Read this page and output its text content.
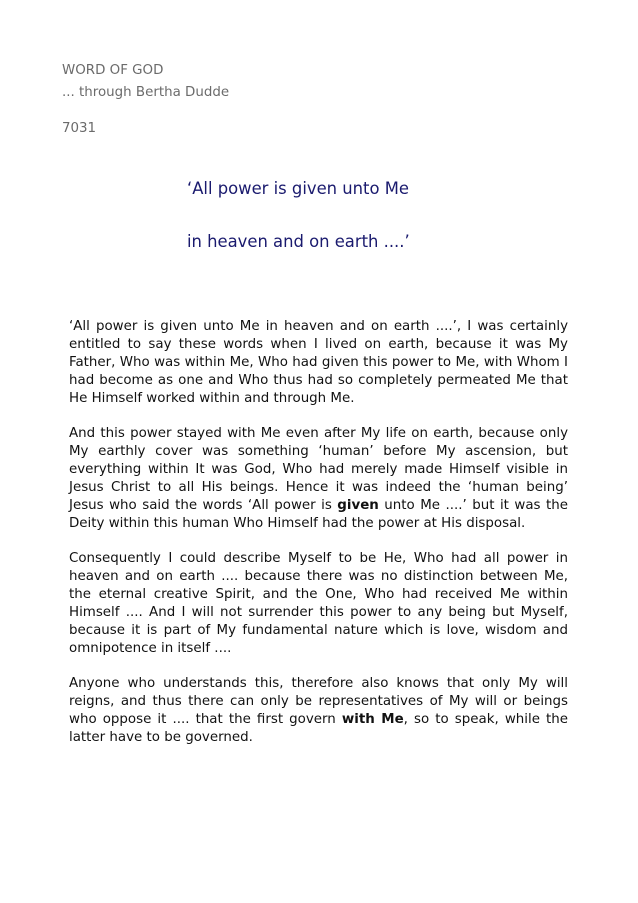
WORD OF GOD
... through Bertha Dudde
7031
‘All power is given unto Me
in heaven and on earth ....’

‘All power is given unto Me in heaven and on earth ....’, I was certainly entitled to say these words when I lived on earth, because it was My Father, Who was within Me, Who had given this power to Me, with Whom I had become as one and Who thus had so completely permeated Me that He Himself worked within and through Me.

And this power stayed with Me even after My life on earth, because only My earthly cover was something ‘human’ before My ascension, but everything within It was God, Who had merely made Himself visible in Jesus Christ to all His beings. Hence it was indeed the ‘human being’ Jesus who said the words ‘All power is given unto Me ....’ but it was the Deity within this human Who Himself had the power at His disposal.

Consequently I could describe Myself to be He, Who had all power in heaven and on earth .... because there was no distinction between Me, the eternal creative Spirit, and the One, Who had received Me within Himself .... And I will not surrender this power to any being but Myself, because it is part of My fundamental nature which is love, wisdom and omnipotence in itself ....

Anyone who understands this, therefore also knows that only My will reigns, and thus there can only be representatives of My will or beings who oppose it .... that the first govern with Me, so to speak, while the latter have to be governed.
